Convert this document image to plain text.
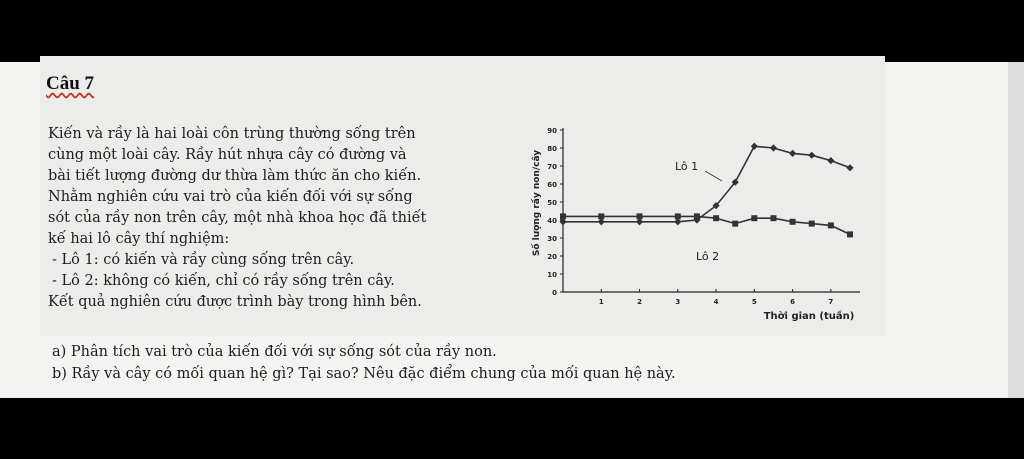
Câu 7

Kiến và rầy là hai loài côn trùng thường sống trên

cùng một loài cây. Rầy hút nhựa cây có đường và

bài tiết lượng đường dư thừa làm thức ăn cho kiến.

Nhằm nghiên cứu vai trò của kiến đối với sự sống

sót của rầy non trên cây, một nhà khoa học đã thiết

kế hai lô cây thí nghiệm:

- Lô 1: có kiến và rầy cùng sống trên cây.

- Lô 2: không có kiến, chỉ có rầy sống trên cây.

Kết quả nghiên cứu được trình bày trong hình bên.

a) Phân tích vai trò của kiến đối với sự sống sót của rầy non.

b) Rầy và cây có mối quan hệ gì? Tại sao? Nêu đặc điểm chung của mối quan hệ này.

0
10
20
30
40
50
60
70
80
90
1	2	3	4	5	6	7
Số lượng rầy non/cây
Thời gian (tuần)
Lô 1
Lô 2
